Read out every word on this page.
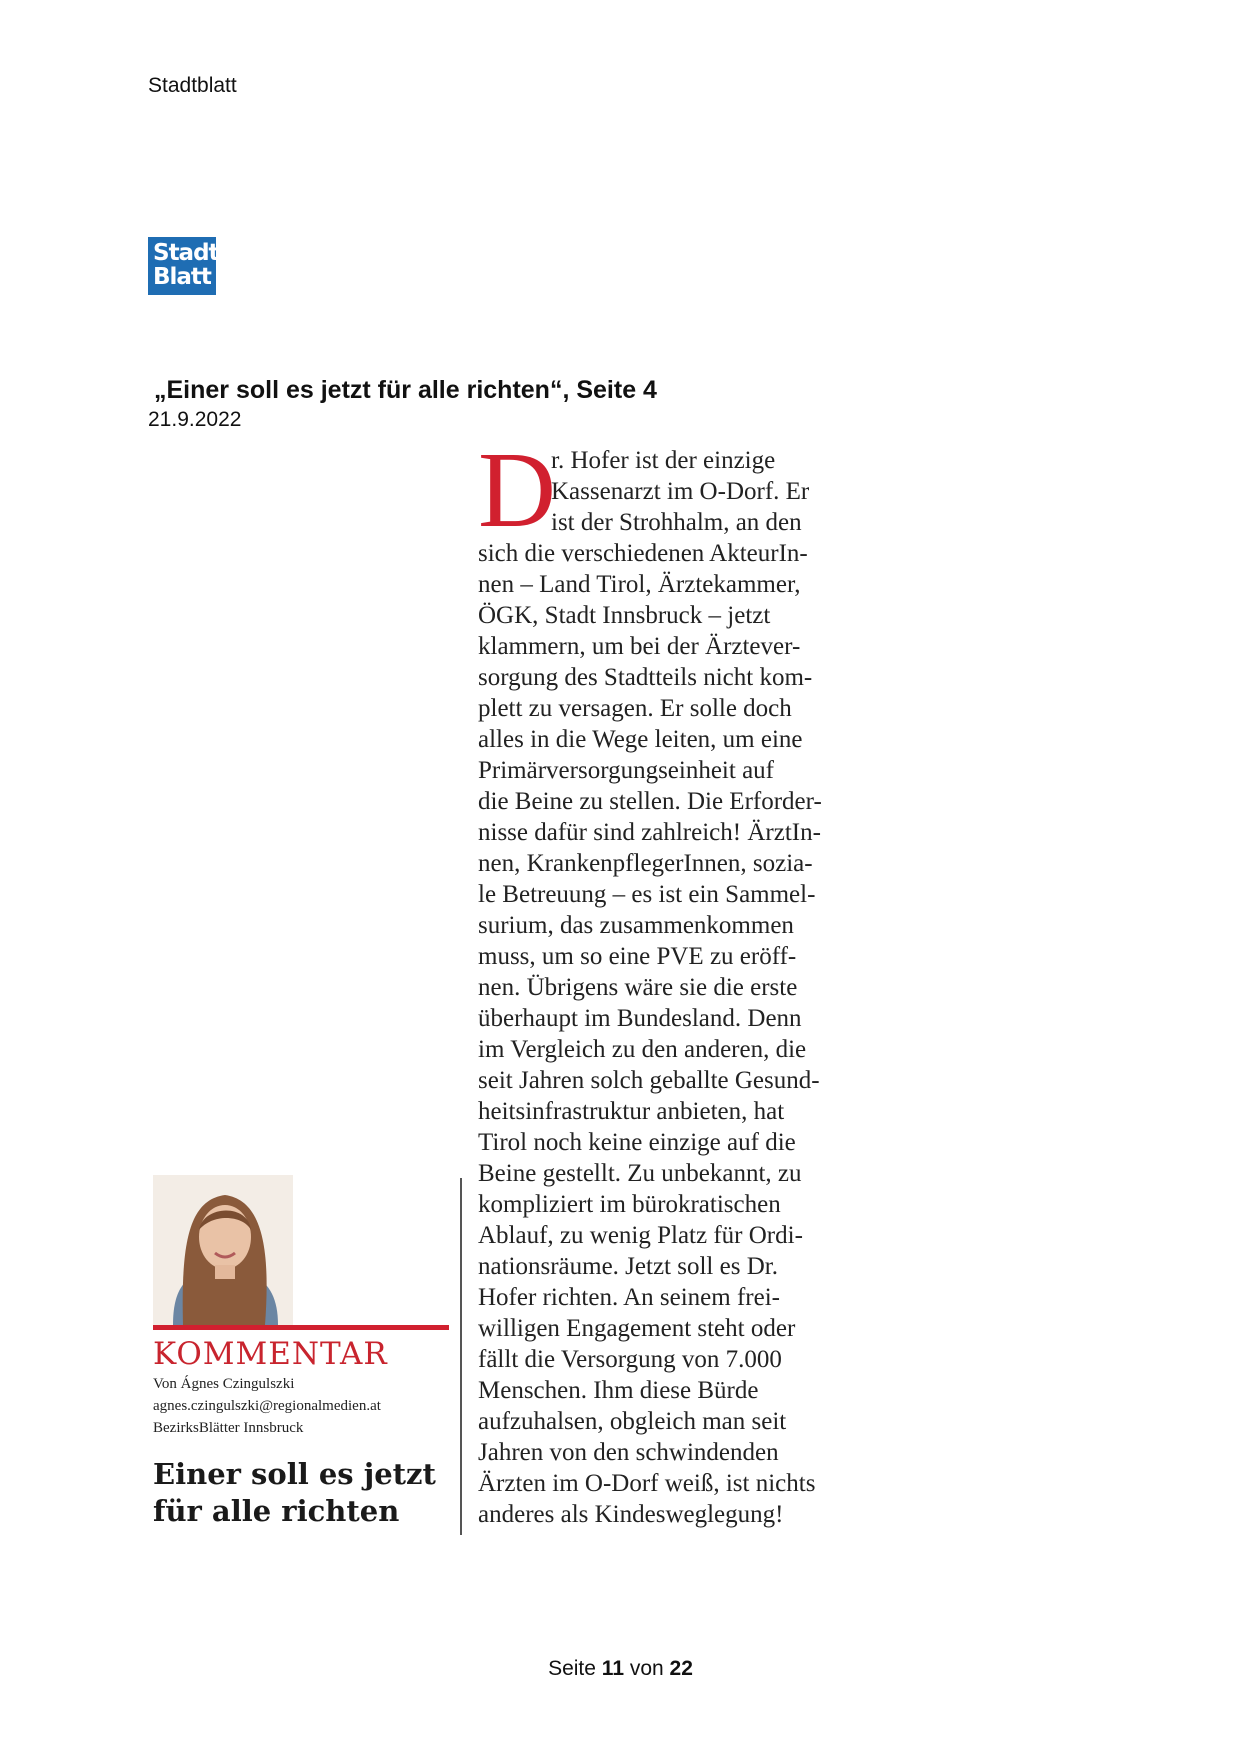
Stadtblatt
Stadt
Blatt
„Einer soll es jetzt für alle richten“, Seite 4
21.9.2022
KOMMENTAR
Von Ágnes Czingulszki
agnes.czingulszki@regionalmedien.at
BezirksBlätter Innsbruck
Einer soll es jetzt
für alle richten
D
r. Hofer ist der einzige
Kassenarzt im O-Dorf. Er
ist der Strohhalm, an den
sich die verschiedenen AkteurIn-
nen – Land Tirol, Ärztekammer,
ÖGK, Stadt Innsbruck – jetzt
klammern, um bei der Ärztever-
sorgung des Stadtteils nicht kom-
plett zu versagen. Er solle doch
alles in die Wege leiten, um eine
Primärversorgungseinheit auf
die Beine zu stellen. Die Erforder-
nisse dafür sind zahlreich! ÄrztIn-
nen, KrankenpflegerInnen, sozia-
le Betreuung – es ist ein Sammel-
surium, das zusammenkommen
muss, um so eine PVE zu eröff-
nen. Übrigens wäre sie die erste
überhaupt im Bundesland. Denn
im Vergleich zu den anderen, die
seit Jahren solch geballte Gesund-
heitsinfrastruktur anbieten, hat
Tirol noch keine einzige auf die
Beine gestellt. Zu unbekannt, zu
kompliziert im bürokratischen
Ablauf, zu wenig Platz für Ordi-
nationsräume. Jetzt soll es Dr.
Hofer richten. An seinem frei-
willigen Engagement steht oder
fällt die Versorgung von 7.000
Menschen. Ihm diese Bürde
aufzuhalsen, obgleich man seit
Jahren von den schwindenden
Ärzten im O-Dorf weiß, ist nichts
anderes als Kindesweglegung!
Seite 11 von 22
